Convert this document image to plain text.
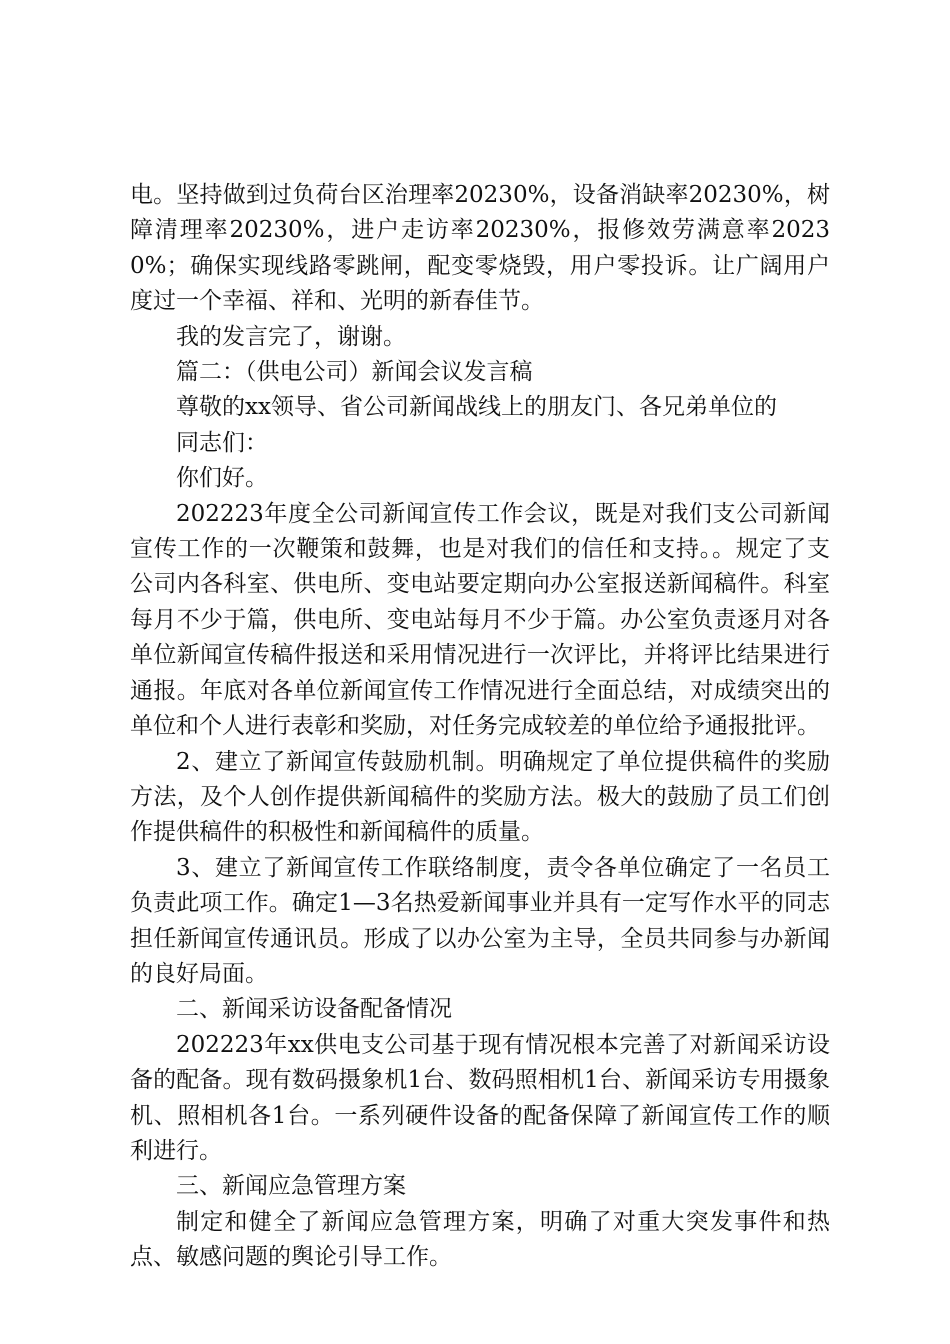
电。坚持做到过负荷台区治理率20230%，设备消缺率20230%，树障清理率20230%，进户走访率20230%，报修效劳满意率20230%；确保实现线路零跳闸，配变零烧毁，用户零投诉。让广阔用户度过一个幸福、祥和、光明的新春佳节。

我的发言完了，谢谢。

篇二：（供电公司）新闻会议发言稿

尊敬的xx领导、省公司新闻战线上的朋友门、各兄弟单位的

同志们：

你们好。

202223年度全公司新闻宣传工作会议，既是对我们支公司新闻宣传工作的一次鞭策和鼓舞，也是对我们的信任和支持。。规定了支公司内各科室、供电所、变电站要定期向办公室报送新闻稿件。科室每月不少于篇，供电所、变电站每月不少于篇。办公室负责逐月对各单位新闻宣传稿件报送和采用情况进行一次评比，并将评比结果进行通报。年底对各单位新闻宣传工作情况进行全面总结，对成绩突出的单位和个人进行表彰和奖励，对任务完成较差的单位给予通报批评。

2、建立了新闻宣传鼓励机制。明确规定了单位提供稿件的奖励方法，及个人创作提供新闻稿件的奖励方法。极大的鼓励了员工们创作提供稿件的积极性和新闻稿件的质量。

3、建立了新闻宣传工作联络制度，责令各单位确定了一名员工负责此项工作。确定1—3名热爱新闻事业并具有一定写作水平的同志担任新闻宣传通讯员。形成了以办公室为主导，全员共同参与办新闻的良好局面。

二、新闻采访设备配备情况

202223年xx供电支公司基于现有情况根本完善了对新闻采访设备的配备。现有数码摄象机1台、数码照相机1台、新闻采访专用摄象机、照相机各1台。一系列硬件设备的配备保障了新闻宣传工作的顺利进行。

三、新闻应急管理方案

制定和健全了新闻应急管理方案，明确了对重大突发事件和热点、敏感问题的舆论引导工作。
